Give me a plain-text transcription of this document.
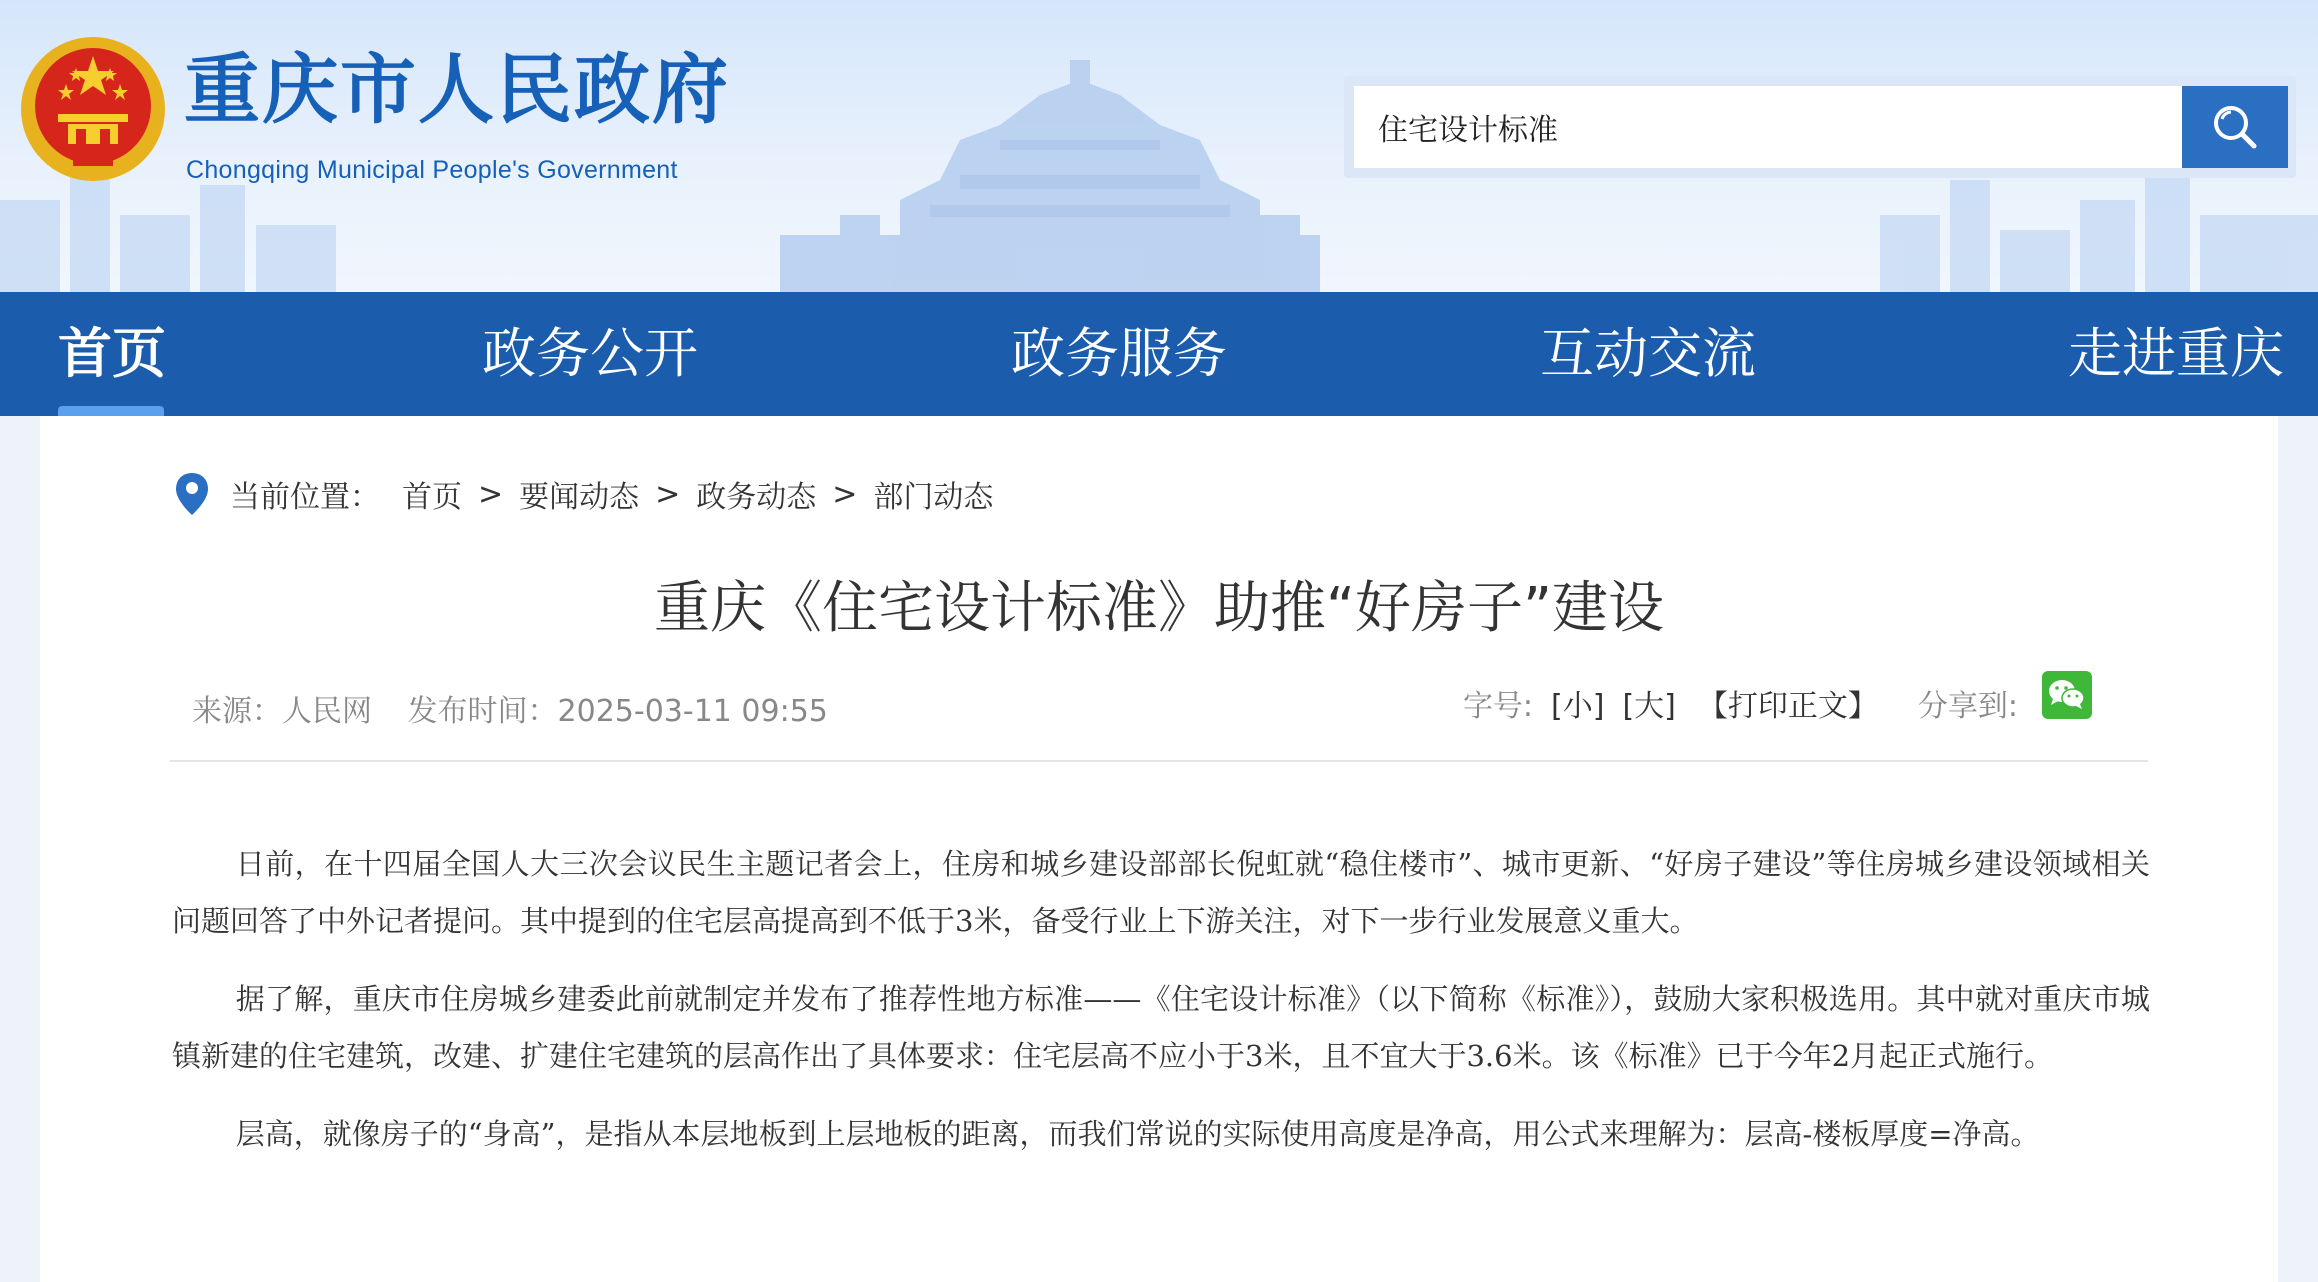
重庆市人民政府
Chongqing Municipal People's Government
住宅设计标准
首页	政务公开	政务服务	互动交流	走进重庆
当前位置： 首页 > 要闻动态 > 政务动态 > 部门动态
重庆《住宅设计标准》助推“好房子”建设
来源：人民网 发布时间：2025-03-11 09:55	字号: [小] [大] 【打印正文】 分享到:

日前，在十四届全国人大三次会议民生主题记者会上，住房和城乡建设部部长倪虹就“稳住楼市”、城市更新、“好房子建设”等住房城乡建设领域相关问题回答了中外记者提问。其中提到的住宅层高提高到不低于3米，备受行业上下游关注，对下一步行业发展意义重大。

据了解，重庆市住房城乡建委此前就制定并发布了推荐性地方标准——《住宅设计标准》（以下简称《标准》），鼓励大家积极选用。其中就对重庆市城镇新建的住宅建筑，改建、扩建住宅建筑的层高作出了具体要求：住宅层高不应小于3米，且不宜大于3.6米。该《标准》已于今年2月起正式施行。

层高，就像房子的“身高”，是指从本层地板到上层地板的距离，而我们常说的实际使用高度是净高，用公式来理解为：层高-楼板厚度=净高。
